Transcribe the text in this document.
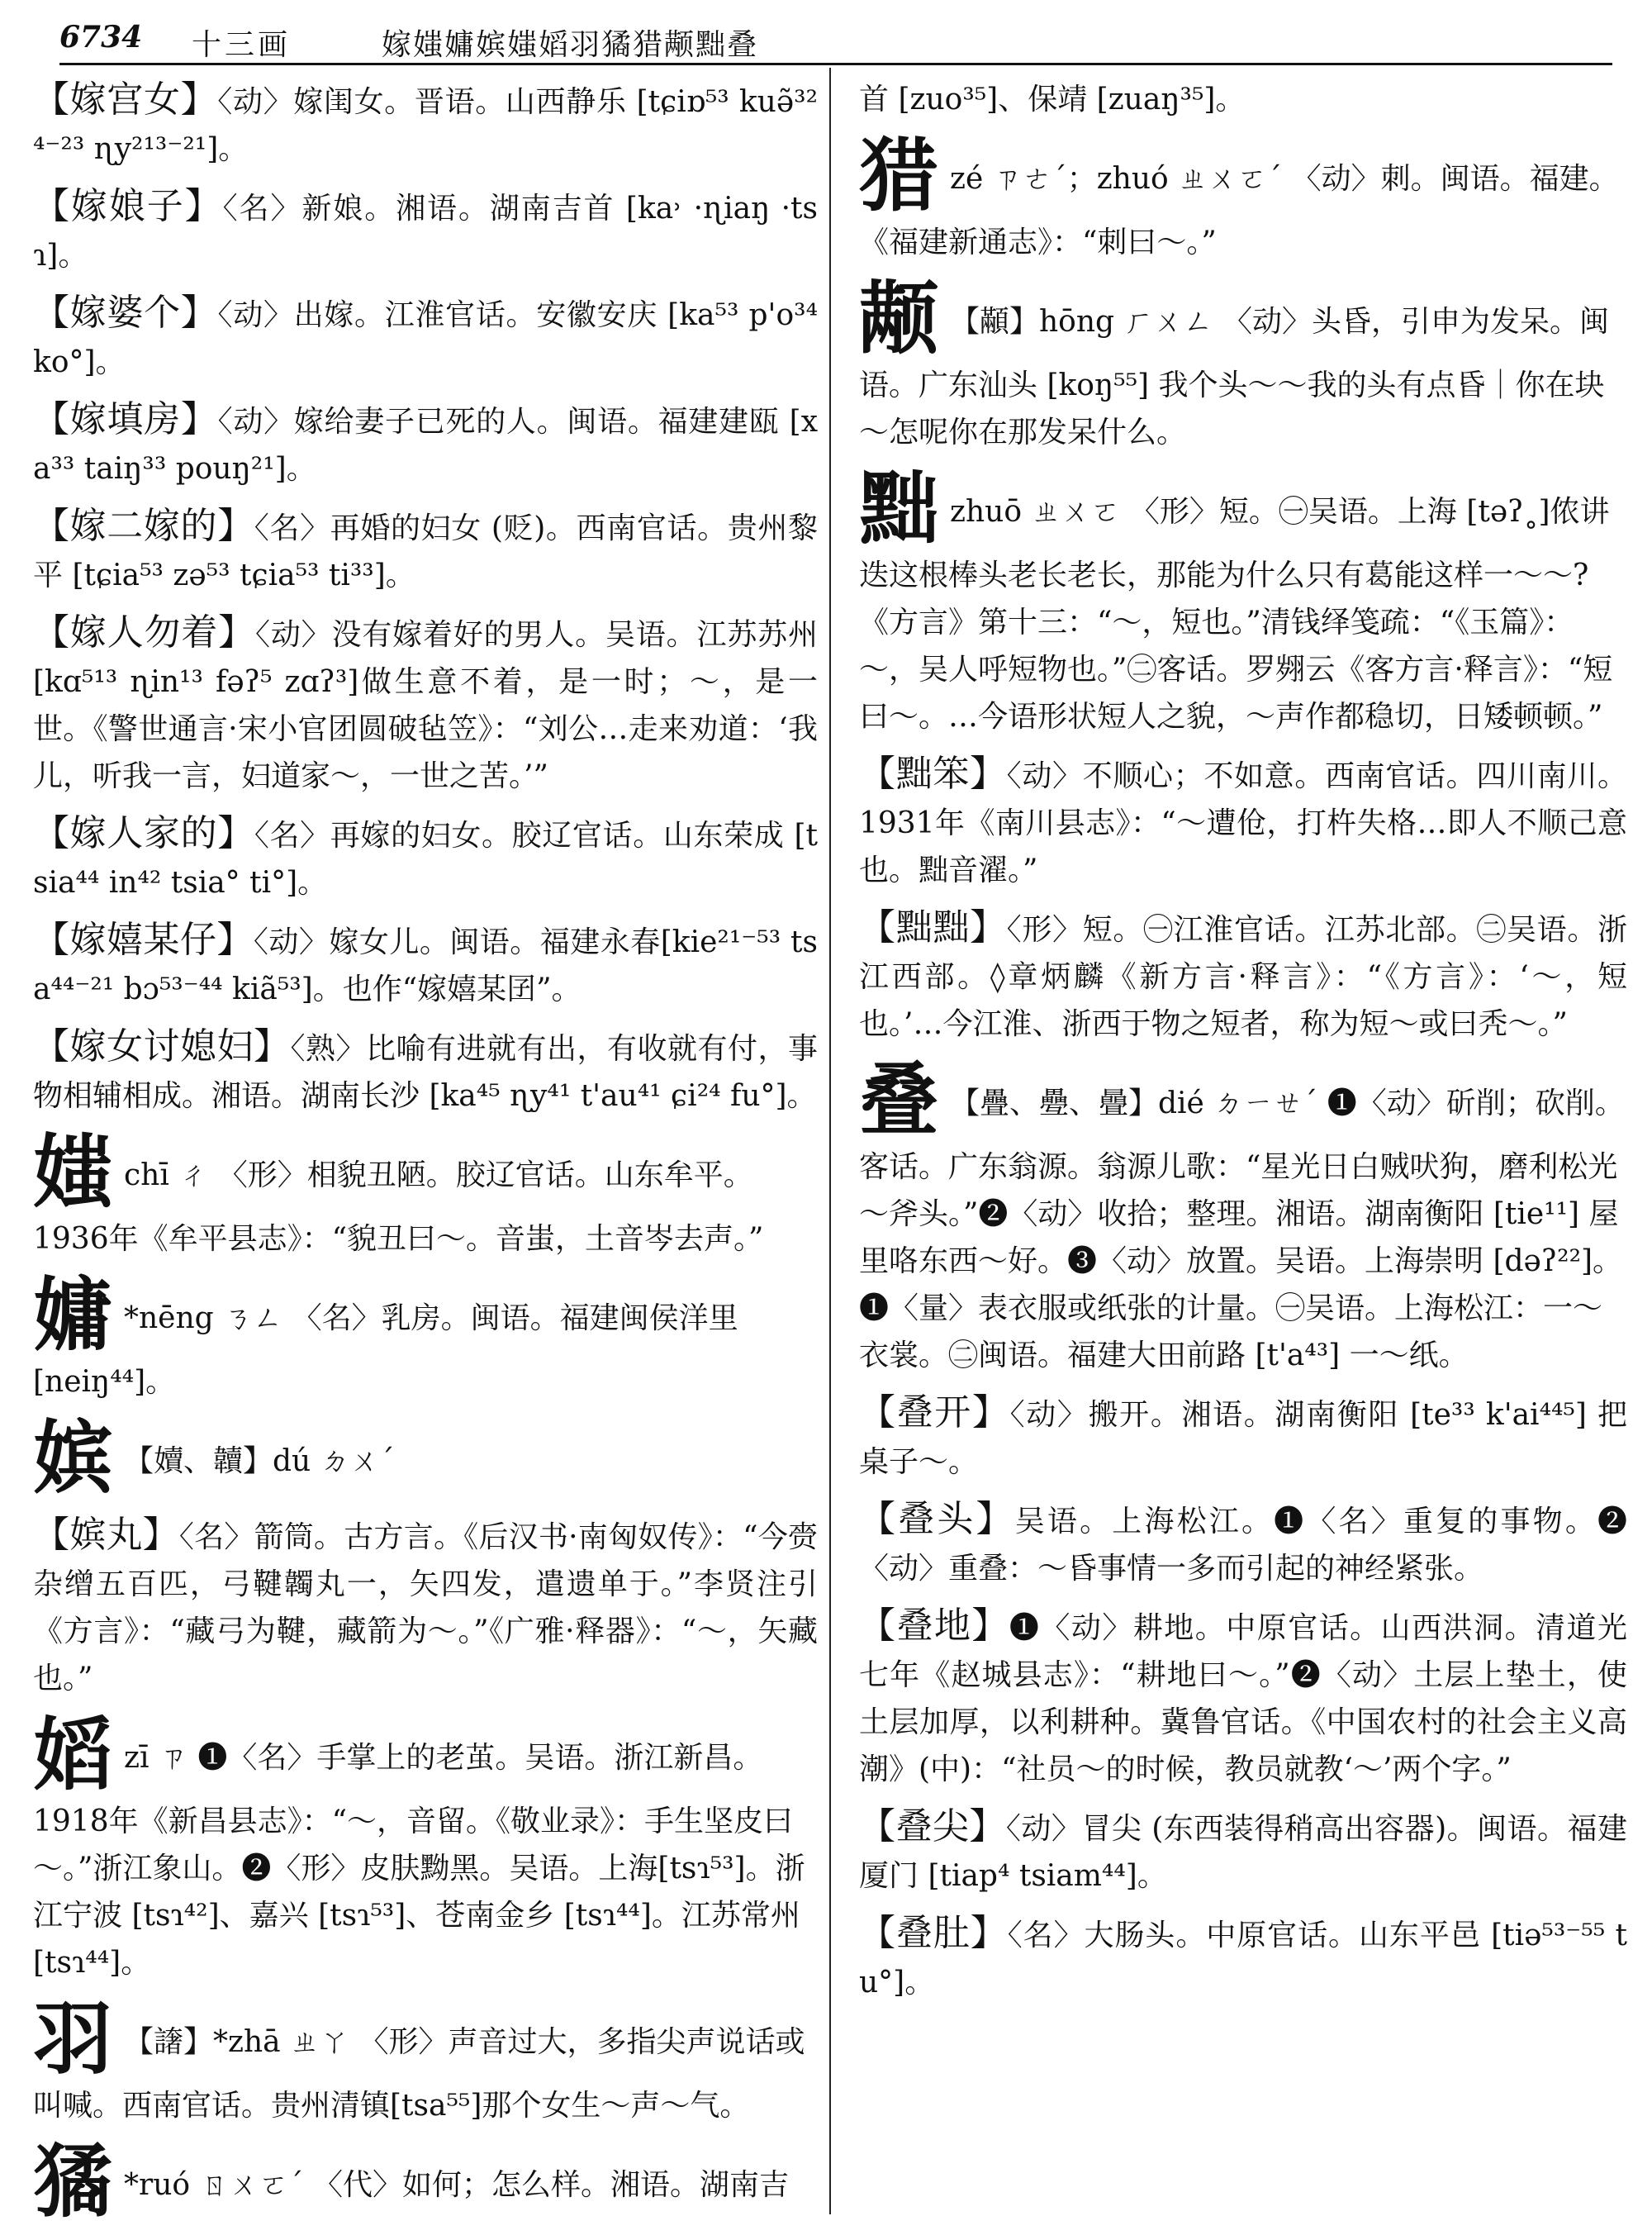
6734 十三画	嫁媸嫞嫔媸嫍羽獝猎颟黜叠
【嫁宫女】〈动〉嫁闺女。晋语。山西静乐 [tɕiɒ⁵³ kuə̃³²⁴⁻²³ ɳy²¹³⁻²¹]。
【嫁娘子】〈名〉新娘。湘语。湖南吉首 [ka˒ ·ɳiaŋ ·tsɿ]。
【嫁婆个】〈动〉出嫁。江淮官话。安徽安庆 [ka⁵³ p'o³⁴ ko°]。
【嫁填房】〈动〉嫁给妻子已死的人。闽语。福建建瓯 [xa³³ taiŋ³³ pouŋ²¹]。
【嫁二嫁的】〈名〉再婚的妇女 (贬)。西南官话。贵州黎平 [tɕia⁵³ zə⁵³ tɕia⁵³ ti³³]。
【嫁人勿着】〈动〉没有嫁着好的男人。吴语。江苏苏州 [kɑ⁵¹³ ɳin¹³ fəʔ⁵ zɑʔ³]做生意不着，是一时；～，是一世。《警世通言·宋小官团圆破毡笠》：“刘公…走来劝道：‘我儿，听我一言，妇道家～，一世之苦。’”
【嫁人家的】〈名〉再嫁的妇女。胶辽官话。山东荣成 [tsia⁴⁴ in⁴² tsia° ti°]。
【嫁嬉某仔】〈动〉嫁女儿。闽语。福建永春[kie²¹⁻⁵³ tsa⁴⁴⁻²¹ bɔ⁵³⁻⁴⁴ kiã⁵³]。也作“嫁嬉某囝”。
【嫁女讨媳妇】〈熟〉比喻有进就有出，有收就有付，事物相辅相成。湘语。湖南长沙 [ka⁴⁵ ɳy⁴¹ t'au⁴¹ ɕi²⁴ fu°]。
媸chī ㄔ 〈形〉相貌丑陋。胶辽官话。山东牟平。1936年《牟平县志》：“貌丑曰～。音蚩，土音岑去声。”
嫞 *nēng ㄋㄥ 〈名〉乳房。闽语。福建闽侯洋里 [neiŋ⁴⁴]。
嫔 【嬻、韥】dú ㄉㄨˊ
【嫔丸】〈名〉箭筒。古方言。《后汉书·南匈奴传》：“今赍杂缯五百匹，弓鞬韣丸一，矢四发，遣遗单于。”李贤注引《方言》：“藏弓为鞬，藏箭为～。”《广雅·释器》：“～，矢藏也。”
嫍zī ㄗ ❶〈名〉手掌上的老茧。吴语。浙江新昌。1918年《新昌县志》：“～，音留。《敬业录》：手生坚皮曰～。”浙江象山。❷〈形〉皮肤黝黑。吴语。上海[tsɿ⁵³]。浙江宁波 [tsɿ⁴²]、嘉兴 [tsɿ⁵³]、苍南金乡 [tsɿ⁴⁴]。江苏常州 [tsɿ⁴⁴]。
羽 【譇】*zhā ㄓㄚ 〈形〉声音过大，多指尖声说话或叫喊。西南官话。贵州清镇[tsa⁵⁵]那个女生～声～气。
獝 *ruó ㄖㄨㄛˊ 〈代〉如何；怎么样。湘语。湖南吉
首 [zuo³⁵]、保靖 [zuaŋ³⁵]。
猎zé ㄗㄜˊ；zhuó ㄓㄨㄛˊ 〈动〉刺。闽语。福建。《福建新通志》：“刺曰～。”
颟 【顢】hōng ㄏㄨㄥ 〈动〉头昏，引申为发呆。闽语。广东汕头 [koŋ⁵⁵] 我个头～～我的头有点昏｜你在块～怎呢你在那发呆什么。
黜zhuō ㄓㄨㄛ 〈形〉短。㊀吴语。上海 [təʔ˳]侬讲迭这根棒头老长老长，那能为什么只有葛能这样一～～?《方言》第十三：“～，短也。”清钱绎笺疏：“《玉篇》：～，吴人呼短物也。”㊁客话。罗翙云《客方言·释言》：“短曰～。…今语形状短人之貌，～声作都稳切，日矮顿顿。”
【黜笨】〈动〉不顺心；不如意。西南官话。四川南川。1931年《南川县志》：“～遭伧，打杵失格…即人不顺己意也。黜音濯。”
【黜黜】〈形〉短。㊀江淮官话。江苏北部。㊁吴语。浙江西部。◊章炳麟《新方言·释言》：“《方言》：‘～，短也。’…今江淮、浙西于物之短者，称为短～或曰秃～。”
叠 【疊、疉、曡】dié ㄉㄧㄝˊ ❶〈动〉斫削；砍削。客话。广东翁源。翁源儿歌：“星光日白贼吠狗，磨利松光～斧头。”❷〈动〉收拾；整理。湘语。湖南衡阳 [tie¹¹] 屋里咯东西～好。❸〈动〉放置。吴语。上海崇明 [dəʔ²²]。❶〈量〉表衣服或纸张的计量。㊀吴语。上海松江：一～衣裳。㊁闽语。福建大田前路 [t'a⁴³] 一～纸。
【叠开】〈动〉搬开。湘语。湖南衡阳 [te³³ k'ai⁴⁴⁵] 把桌子～。
【叠头】吴语。上海松江。❶〈名〉重复的事物。❷〈动〉重叠：～昏事情一多而引起的神经紧张。
【叠地】❶〈动〉耕地。中原官话。山西洪洞。清道光七年《赵城县志》：“耕地曰～。”❷〈动〉土层上垫土，使土层加厚，以利耕种。冀鲁官话。《中国农村的社会主义高潮》(中)：“社员～的时候，教员就教‘～’两个字。”
【叠尖】〈动〉冒尖 (东西装得稍高出容器)。闽语。福建厦门 [tiap⁴ tsiam⁴⁴]。
【叠肚】〈名〉大肠头。中原官话。山东平邑 [tiə⁵³⁻⁵⁵ tu°]。
